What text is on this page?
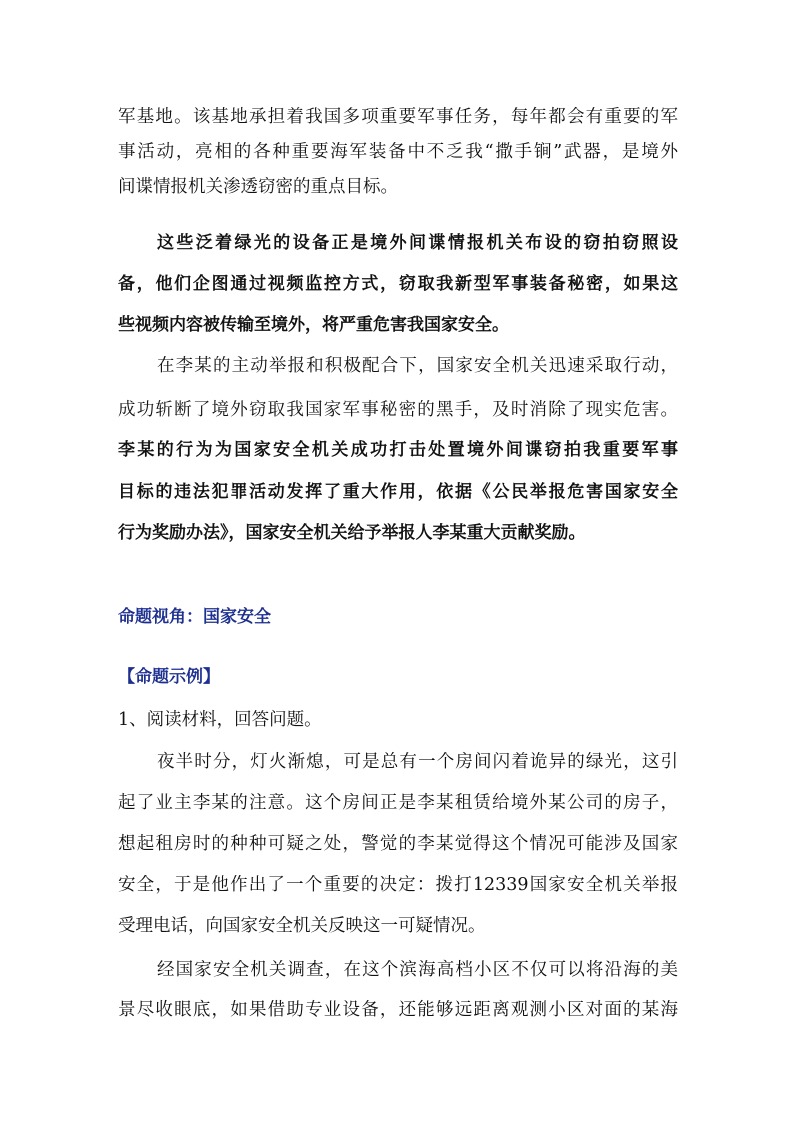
军基地。该基地承担着我国多项重要军事任务，每年都会有重要的军
事活动，亮相的各种重要海军装备中不乏我“撒手锏”武器，是境外
间谍情报机关渗透窃密的重点目标。
这些泛着绿光的设备正是境外间谍情报机关布设的窃拍窃照设
备，他们企图通过视频监控方式，窃取我新型军事装备秘密，如果这
些视频内容被传输至境外，将严重危害我国家安全。
在李某的主动举报和积极配合下，国家安全机关迅速采取行动，
成功斩断了境外窃取我国家军事秘密的黑手，及时消除了现实危害。
李某的行为为国家安全机关成功打击处置境外间谍窃拍我重要军事
目标的违法犯罪活动发挥了重大作用，依据《公民举报危害国家安全
行为奖励办法》，国家安全机关给予举报人李某重大贡献奖励。
命题视角：国家安全
【命题示例】
1、阅读材料，回答问题。
夜半时分，灯火渐熄，可是总有一个房间闪着诡异的绿光，这引
起了业主李某的注意。这个房间正是李某租赁给境外某公司的房子，
想起租房时的种种可疑之处，警觉的李某觉得这个情况可能涉及国家
安全，于是他作出了一个重要的决定：拨打12339国家安全机关举报
受理电话，向国家安全机关反映这一可疑情况。
经国家安全机关调查，在这个滨海高档小区不仅可以将沿海的美
景尽收眼底，如果借助专业设备，还能够远距离观测小区对面的某海
